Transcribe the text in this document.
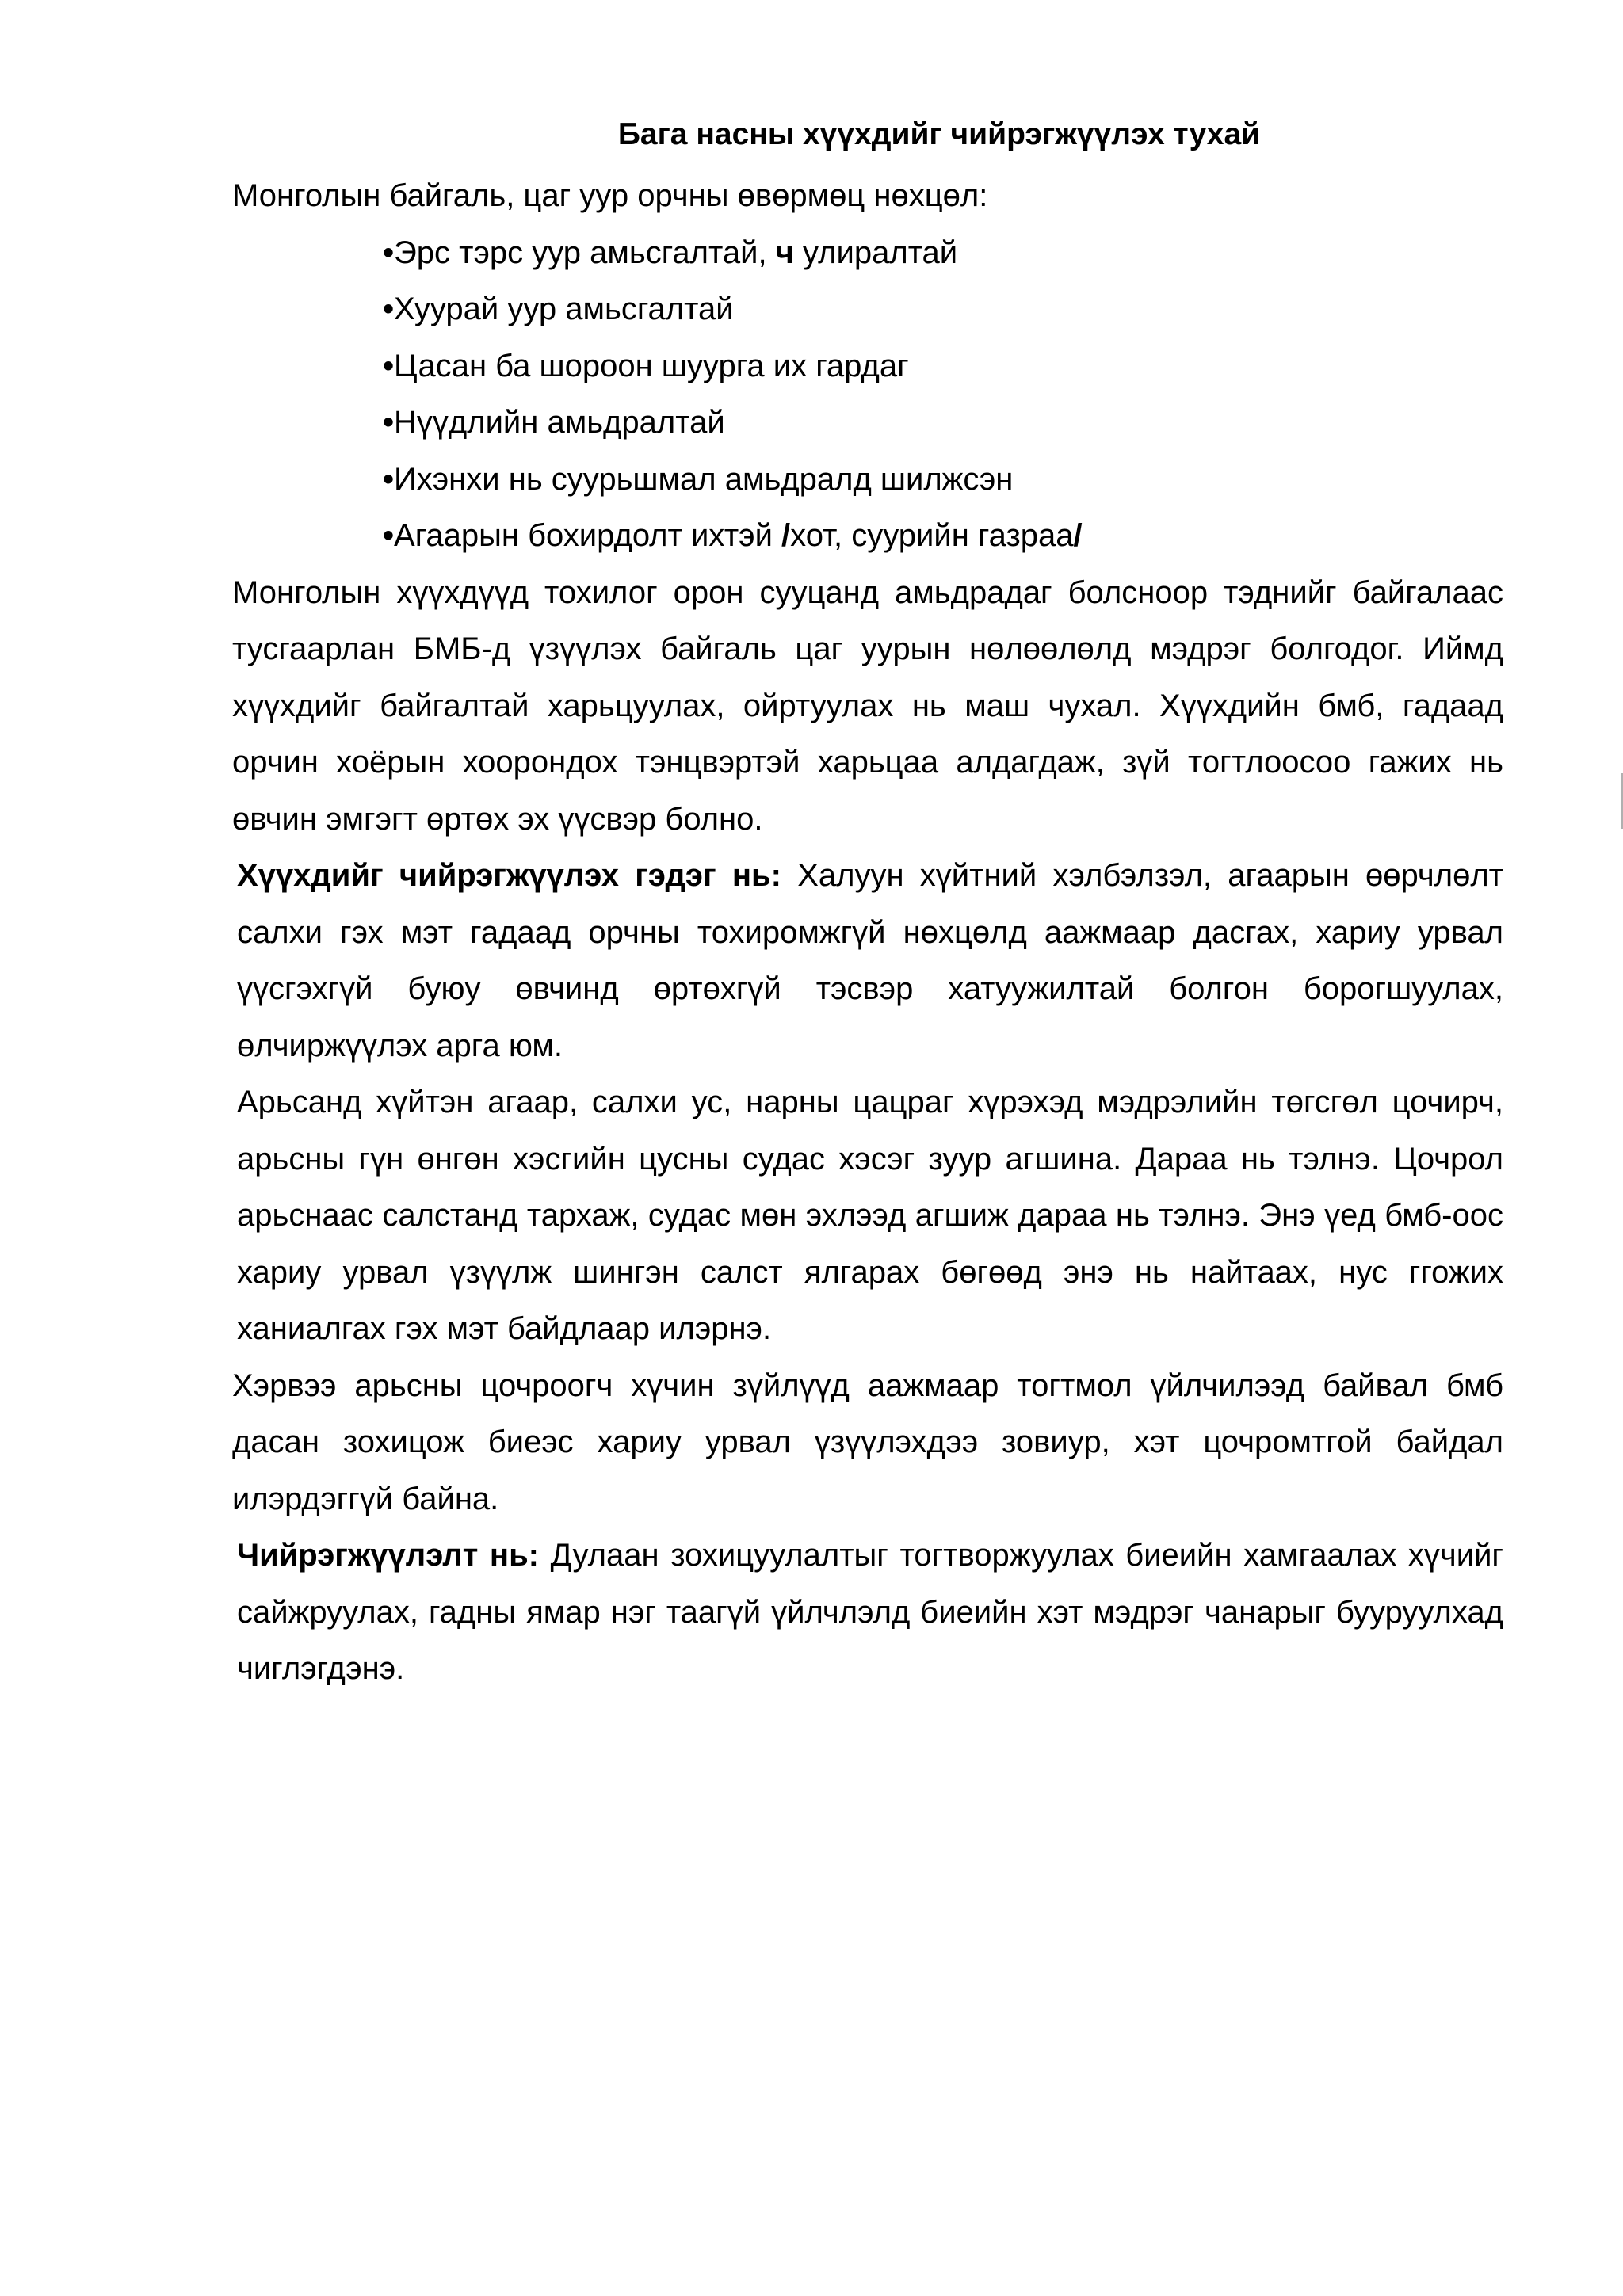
Бага насны хүүхдийг чийрэгжүүлэх тухай

Монголын байгаль, цаг уур орчны өвөрмөц нөхцөл:

•Эрс тэрс уур амьсгалтай, ч улиралтай
•Хуурай уур амьсгалтай
•Цасан ба шороон шуурга их гардаг
•Нүүдлийн амьдралтай
•Ихэнхи нь суурьшмал амьдралд шилжсэн
•Агаарын бохирдолт ихтэй /хот, суурийн газраа/

Монголын хүүхдүүд тохилог орон сууцанд амьдрадаг болсноор тэднийг байгалаас тусгаарлан БМБ-д үзүүлэх байгаль цаг уурын нөлөөлөлд мэдрэг болгодог. Иймд хүүхдийг байгалтай харьцуулах, ойртуулах нь маш чухал. Хүүхдийн бмб, гадаад орчин хоёрын хоорондох тэнцвэртэй харьцаа алдагдаж, зүй тогтлоосоо гажих нь өвчин эмгэгт өртөх эх үүсвэр болно.

Хүүхдийг чийрэгжүүлэх гэдэг нь: Халуун хүйтний хэлбэлзэл, агаарын өөрчлөлт салхи гэх мэт гадаад орчны тохиромжгүй нөхцөлд аажмаар дасгах, хариу урвал үүсгэхгүй буюу өвчинд өртөхгүй тэсвэр хатуужилтай болгон борогшуулах, өлчиржүүлэх арга юм.

Арьсанд хүйтэн агаар, салхи ус, нарны цацраг хүрэхэд мэдрэлийн төгсгөл цочирч, арьсны гүн өнгөн хэсгийн цусны судас хэсэг зуур агшина. Дараа нь тэлнэ. Цочрол арьснаас салстанд тархаж, судас мөн эхлээд агшиж дараа нь тэлнэ. Энэ үед бмб-оос хариу урвал үзүүлж шингэн салст ялгарах бөгөөд энэ нь найтаах, нус ггожих ханиалгах гэх мэт байдлаар илэрнэ.

Хэрвээ арьсны цочроогч хүчин зүйлүүд аажмаар тогтмол үйлчилээд байвал бмб дасан зохицож биеэс хариу урвал үзүүлэхдээ зовиур, хэт цочромтгой байдал илэрдэггүй байна.

Чийрэгжүүлэлт нь: Дулаан зохицуулалтыг тогтворжуулах биеийн хамгаалах хүчийг сайжруулах, гадны ямар нэг таагүй үйлчлэлд биеийн хэт мэдрэг чанарыг бууруулхад чиглэгдэнэ.
